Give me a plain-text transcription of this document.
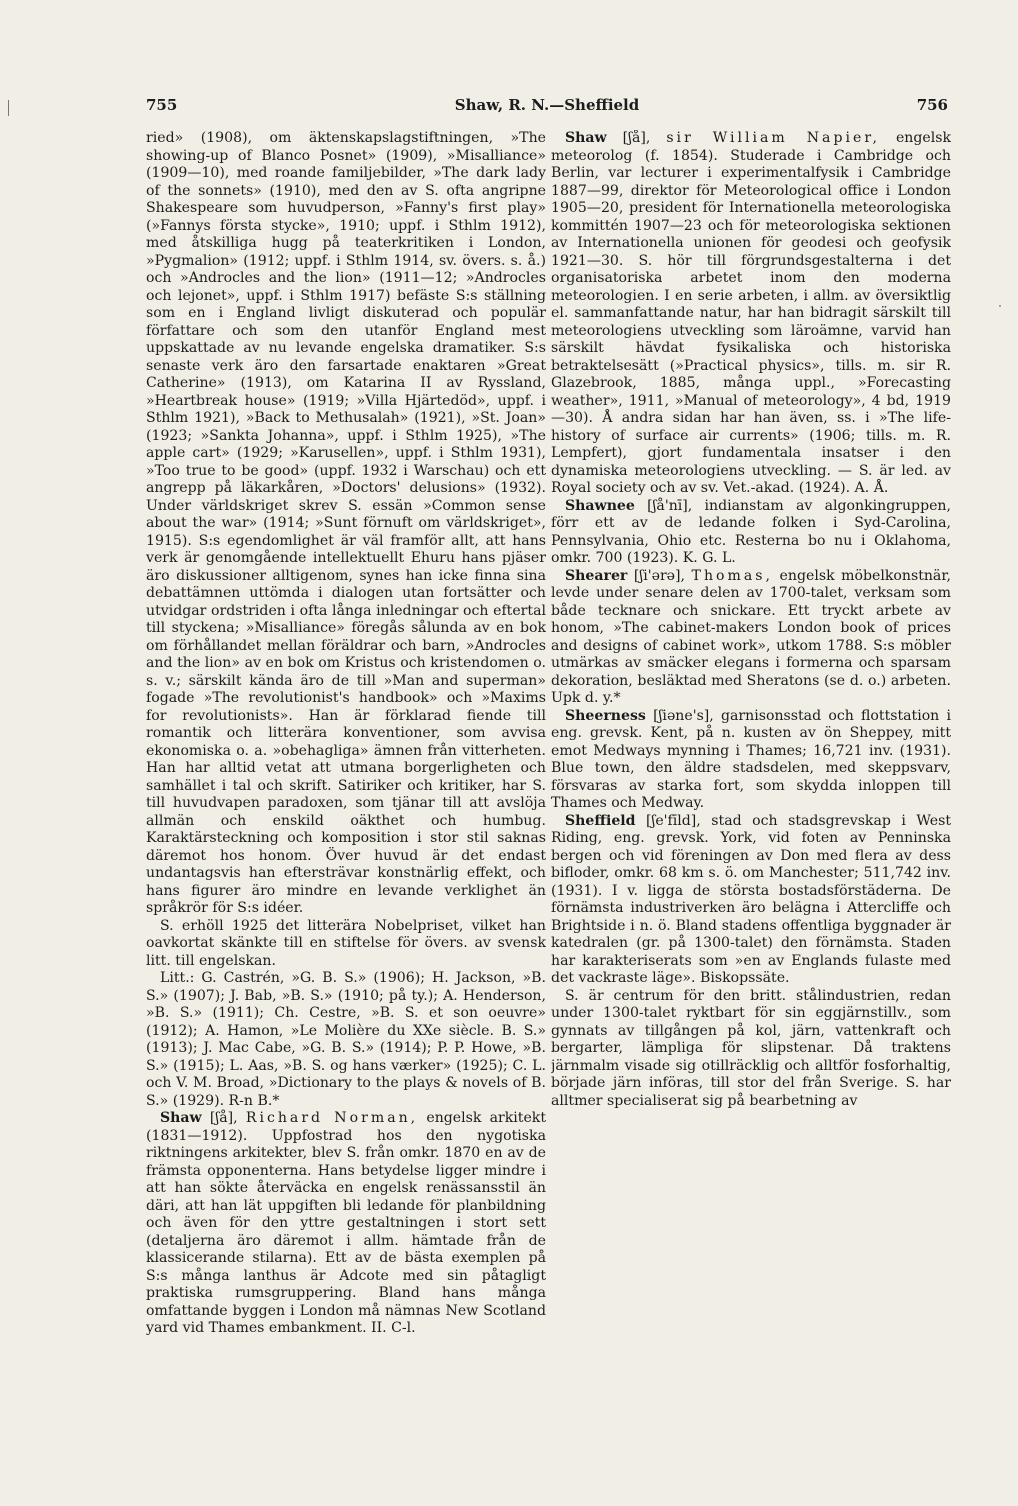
755	Shaw, R. N.—Sheffield	756

ried» (1908), om äktenskapslagstiftningen, »The showing-up of Blanco Posnet» (1909), »Misalliance» (1909—10), med roande familjebilder, »The dark lady of the sonnets» (1910), med den av S. ofta angripne Shakespeare som huvudperson, »Fanny's first play» (»Fannys första stycke», 1910; uppf. i Sthlm 1912), med åtskilliga hugg på teaterkritiken i London, »Pygmalion» (1912; uppf. i Sthlm 1914, sv. övers. s. å.) och »Androcles and the lion» (1911—12; »Androcles och lejonet», uppf. i Sthlm 1917) befäste S:s ställning som en i England livligt diskuterad och populär författare och som den utanför England mest uppskattade av nu levande engelska dramatiker. S:s senaste verk äro den farsartade enaktaren »Great Catherine» (1913), om Katarina II av Ryssland, »Heartbreak house» (1919; »Villa Hjärtedöd», uppf. i Sthlm 1921), »Back to Methusalah» (1921), »St. Joan» (1923; »Sankta Johanna», uppf. i Sthlm 1925), »The apple cart» (1929; »Karusellen», uppf. i Sthlm 1931), »Too true to be good» (uppf. 1932 i Warschau) och ett angrepp på läkarkåren, »Doctors' delusions» (1932). Under världskriget skrev S. essän »Common sense about the war» (1914; »Sunt förnuft om världskriget», 1915). S:s egendomlighet är väl framför allt, att hans verk är genomgående intellektuellt Ehuru hans pjäser äro diskussioner alltigenom, synes han icke finna sina debattämnen uttömda i dialogen utan fortsätter och utvidgar ordstriden i ofta långa inledningar och eftertal till styckena; »Misalliance» föregås sålunda av en bok om förhållandet mellan föräldrar och barn, »Androcles and the lion» av en bok om Kristus och kristendomen o. s. v.; särskilt kända äro de till »Man and superman» fogade »The revolutionist's handbook» och »Maxims for revolutionists». Han är förklarad fiende till romantik och litterära konventioner, som avvisa ekonomiska o. a. »obehagliga» ämnen från vitterheten. Han har alltid vetat att utmana borgerligheten och samhället i tal och skrift. Satiriker och kritiker, har S. till huvudvapen paradoxen, som tjänar till att avslöja allmän och enskild oäkthet och humbug. Karaktärsteckning och komposition i stor stil saknas däremot hos honom. Över huvud är det endast undantagsvis han eftersträvar konstnärlig effekt, och hans figurer äro mindre en levande verklighet än språkrör för S:s idéer.

S. erhöll 1925 det litterära Nobelpriset, vilket han oavkortat skänkte till en stiftelse för övers. av svensk litt. till engelskan.

Litt.: G. Castrén, »G. B. S.» (1906); H. Jackson, »B. S.» (1907); J. Bab, »B. S.» (1910; på ty.); A. Henderson, »B. S.» (1911); Ch. Cestre, »B. S. et son oeuvre» (1912); A. Hamon, »Le Molière du XXe siècle. B. S.» (1913); J. Mac Cabe, »G. B. S.» (1914); P. P. Howe, »B. S.» (1915); L. Aas, »B. S. og hans værker» (1925); C. L. och V. M. Broad, »Dictionary to the plays & novels of B. S.» (1929). R-n B.*

Shaw [ʃå], Richard Norman, engelsk arkitekt (1831—1912). Uppfostrad hos den nygotiska riktningens arkitekter, blev S. från omkr. 1870 en av de främsta opponenterna. Hans betydelse ligger mindre i att han sökte återväcka en engelsk renässansstil än däri, att han lät uppgiften bli ledande för planbildning och även för den yttre gestaltningen i stort sett (detaljerna äro däremot i allm. hämtade från de klassicerande stilarna). Ett av de bästa exemplen på S:s många lanthus är Adcote med sin påtagligt praktiska rumsgruppering. Bland hans många omfattande byggen i London må nämnas New Scotland yard vid Thames embankment. II. C-l.

Shaw [ʃå], sir William Napier, engelsk meteorolog (f. 1854). Studerade i Cambridge och Berlin, var lecturer i experimentalfysik i Cambridge 1887—99, direktor för Meteorological office i London 1905—20, president för Internationella meteorologiska kommittén 1907—23 och för meteorologiska sektionen av Internationella unionen för geodesi och geofysik 1921—30. S. hör till förgrundsgestalterna i det organisatoriska arbetet inom den moderna meteorologien. I en serie arbeten, i allm. av översiktlig el. sammanfattande natur, har han bidragit särskilt till meteorologiens utveckling som läroämne, varvid han särskilt hävdat fysikaliska och historiska betraktelsesätt (»Practical physics», tills. m. sir R. Glazebrook, 1885, många uppl., »Forecasting weather», 1911, »Manual of meteorology», 4 bd, 1919—30). Å andra sidan har han även, ss. i »The life-history of surface air currents» (1906; tills. m. R. Lempfert), gjort fundamentala insatser i den dynamiska meteorologiens utveckling. — S. är led. av Royal society och av sv. Vet.-akad. (1924). A. Å.

Shawnee [ʃå'nī], indianstam av algonkingruppen, förr ett av de ledande folken i Syd-Carolina, Pennsylvania, Ohio etc. Resterna bo nu i Oklahoma, omkr. 700 (1923). K. G. L.

Shearer [ʃi'ərə], Thomas, engelsk möbelkonstnär, levde under senare delen av 1700-talet, verksam som både tecknare och snickare. Ett tryckt arbete av honom, »The cabinet-makers London book of prices and designs of cabinet work», utkom 1788. S:s möbler utmärkas av smäcker elegans i formerna och sparsam dekoration, besläktad med Sheratons (se d. o.) arbeten. Upk d. y.*

Sheerness [ʃiəne's], garnisonsstad och flottstation i eng. grevsk. Kent, på n. kusten av ön Sheppey, mitt emot Medways mynning i Thames; 16,721 inv. (1931). Blue town, den äldre stadsdelen, med skeppsvarv, försvaras av starka fort, som skydda inloppen till Thames och Medway.

Sheffield [ʃe'fīld], stad och stadsgrevskap i West Riding, eng. grevsk. York, vid foten av Penninska bergen och vid föreningen av Don med flera av dess bifloder, omkr. 68 km s. ö. om Manchester; 511,742 inv. (1931). I v. ligga de största bostadsförstäderna. De förnämsta industriverken äro belägna i Attercliffe och Brightside i n. ö. Bland stadens offentliga byggnader är katedralen (gr. på 1300-talet) den förnämsta. Staden har karakteriserats som »en av Englands fulaste med det vackraste läge». Biskopssäte.

S. är centrum för den britt. stålindustrien, redan under 1300-talet ryktbart för sin eggjärnstillv., som gynnats av tillgången på kol, järn, vattenkraft och bergarter, lämpliga för slipstenar. Då traktens järnmalm visade sig otillräcklig och alltför fosforhaltig, började järn införas, till stor del från Sverige. S. har alltmer specialiserat sig på bearbetning av
